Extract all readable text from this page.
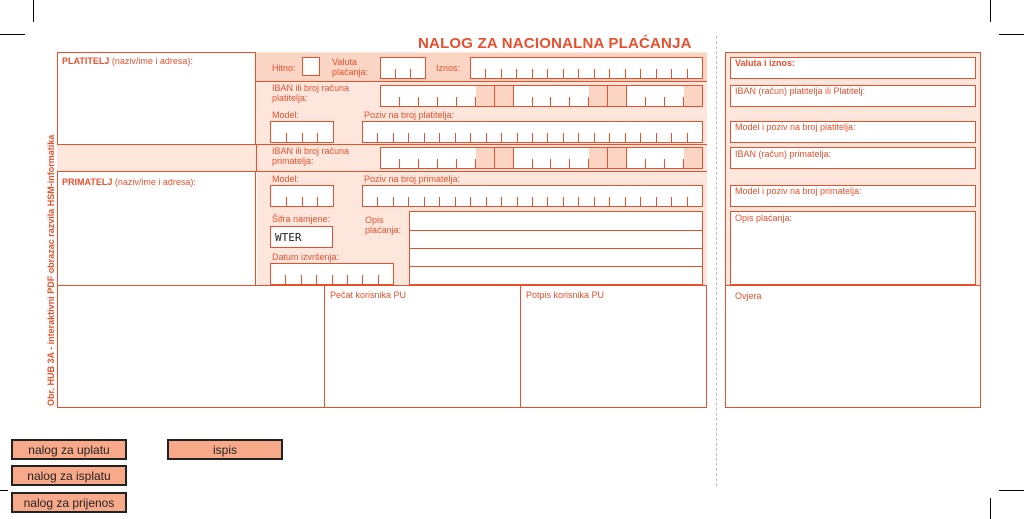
NALOG ZA NACIONALNA PLAĆANJA
Obr. HUB 3A - interaktivni PDF obrazac razvila HSM-informatika
PLATITELJ (naziv/ime i adresa):
Hitno:
Valuta plaćanja:	Iznos:
IBAN ili broj računa platitelja:
Model:	Poziv na broj platitelja:
IBAN ili broj računa primatelja:
PRIMATELJ (naziv/ime i adresa):	Model:	Poziv na broj primatelja:
Šifra namjene:
WTER
Opis plaćanja:
Datum izvršenja:
Pečat korisnika PU	Potpis korisnika PU
Valuta i iznos:
IBAN (račun) platitelja ili Platitelj:
Model i poziv na broj platitelja:
IBAN (račun) primatelja:
Model i poziv na broj primatelja:
Opis plaćanja:
Ovjera
nalog za uplatu	ispis
nalog za isplatu
nalog za prijenos
